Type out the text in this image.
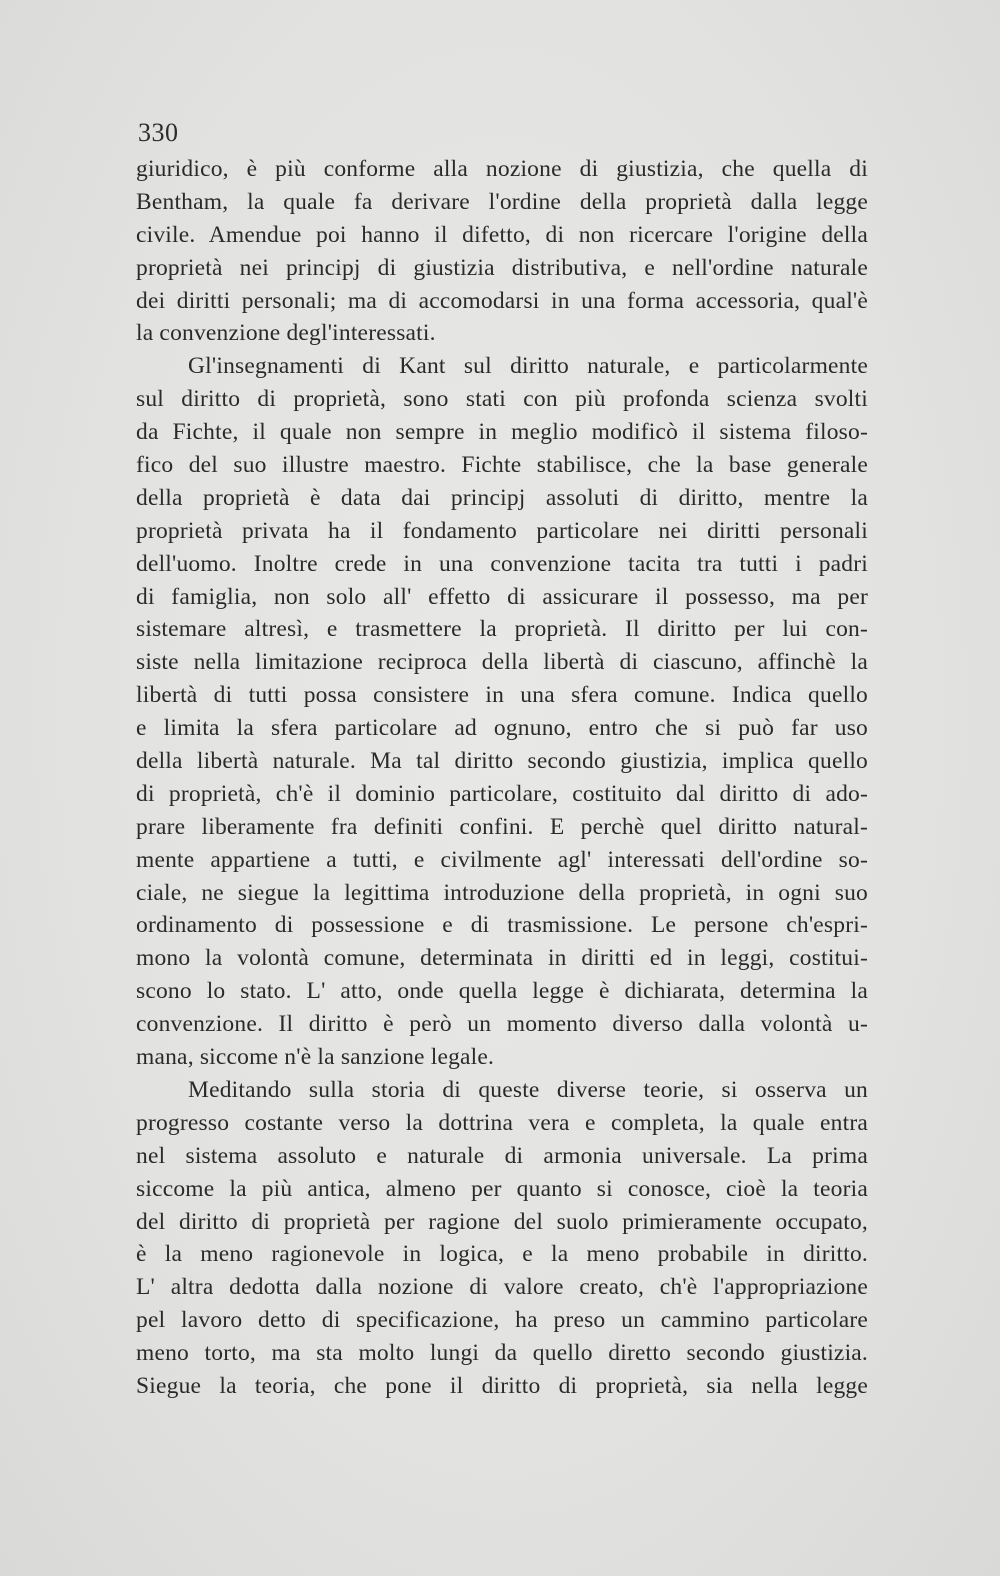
330
giuridico, è più conforme alla nozione di giustizia, che quella di
Bentham, la quale fa derivare l'ordine della proprietà dalla legge
civile. Amendue poi hanno il difetto, di non ricercare l'origine della
proprietà nei principj di giustizia distributiva, e nell'ordine naturale
dei diritti personali; ma di accomodarsi in una forma accessoria, qual'è
la convenzione degl'interessati.
Gl'insegnamenti di Kant sul diritto naturale, e particolarmente
sul diritto di proprietà, sono stati con più profonda scienza svolti
da Fichte, il quale non sempre in meglio modificò il sistema filoso-
fico del suo illustre maestro. Fichte stabilisce, che la base generale
della proprietà è data dai principj assoluti di diritto, mentre la
proprietà privata ha il fondamento particolare nei diritti personali
dell'uomo. Inoltre crede in una convenzione tacita tra tutti i padri
di famiglia, non solo all' effetto di assicurare il possesso, ma per
sistemare altresì, e trasmettere la proprietà. Il diritto per lui con-
siste nella limitazione reciproca della libertà di ciascuno, affinchè la
libertà di tutti possa consistere in una sfera comune. Indica quello
e limita la sfera particolare ad ognuno, entro che si può far uso
della libertà naturale. Ma tal diritto secondo giustizia, implica quello
di proprietà, ch'è il dominio particolare, costituito dal diritto di ado-
prare liberamente fra definiti confini. E perchè quel diritto natural-
mente appartiene a tutti, e civilmente agl' interessati dell'ordine so-
ciale, ne siegue la legittima introduzione della proprietà, in ogni suo
ordinamento di possessione e di trasmissione. Le persone ch'espri-
mono la volontà comune, determinata in diritti ed in leggi, costitui-
scono lo stato. L' atto, onde quella legge è dichiarata, determina la
convenzione. Il diritto è però un momento diverso dalla volontà u-
mana, siccome n'è la sanzione legale.
Meditando sulla storia di queste diverse teorie, si osserva un
progresso costante verso la dottrina vera e completa, la quale entra
nel sistema assoluto e naturale di armonia universale. La prima
siccome la più antica, almeno per quanto si conosce, cioè la teoria
del diritto di proprietà per ragione del suolo primieramente occupato,
è la meno ragionevole in logica, e la meno probabile in diritto.
L' altra dedotta dalla nozione di valore creato, ch'è l'appropriazione
pel lavoro detto di specificazione, ha preso un cammino particolare
meno torto, ma sta molto lungi da quello diretto secondo giustizia.
Siegue la teoria, che pone il diritto di proprietà, sia nella legge
